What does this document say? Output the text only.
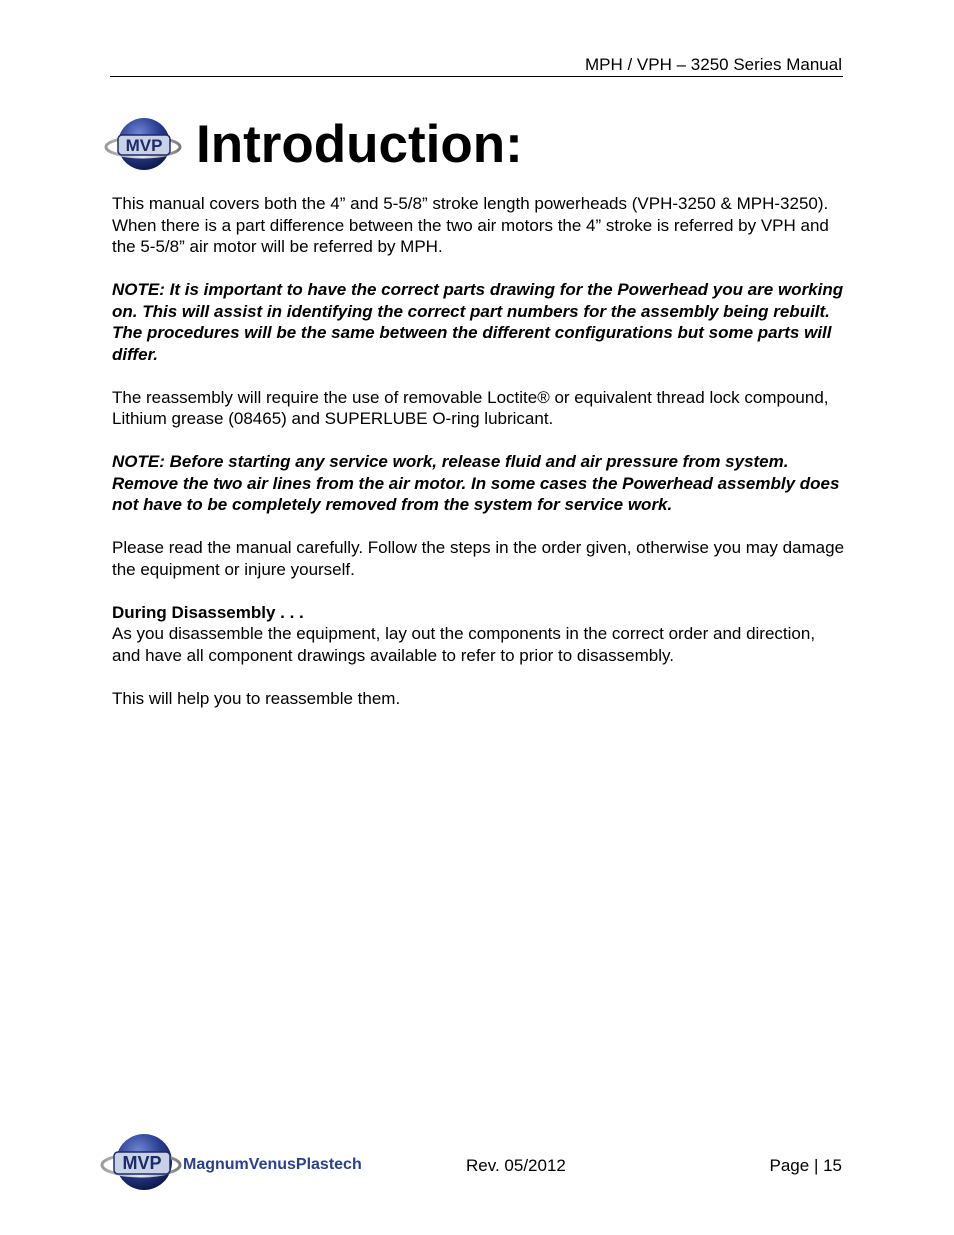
MPH / VPH – 3250 Series Manual
MVP Introduction:

This manual covers both the 4” and 5-5/8” stroke length powerheads (VPH-3250 & MPH-3250). When there is a part difference between the two air motors the 4” stroke is referred by VPH and the 5-5/8” air motor will be referred by MPH.

NOTE: It is important to have the correct parts drawing for the Powerhead you are working on. This will assist in identifying the correct part numbers for the assembly being rebuilt. The procedures will be the same between the different configurations but some parts will differ.

The reassembly will require the use of removable Loctite® or equivalent thread lock compound, Lithium grease (08465) and SUPERLUBE O-ring lubricant.

NOTE: Before starting any service work, release fluid and air pressure from system. Remove the two air lines from the air motor. In some cases the Powerhead assembly does not have to be completely removed from the system for service work.

Please read the manual carefully. Follow the steps in the order given, otherwise you may damage the equipment or injure yourself.

During Disassembly . . .
As you disassemble the equipment, lay out the components in the correct order and direction, and have all component drawings available to refer to prior to disassembly.

This will help you to reassemble them.

MVP MagnumVenusPlastech	Rev. 05/2012	Page | 15
